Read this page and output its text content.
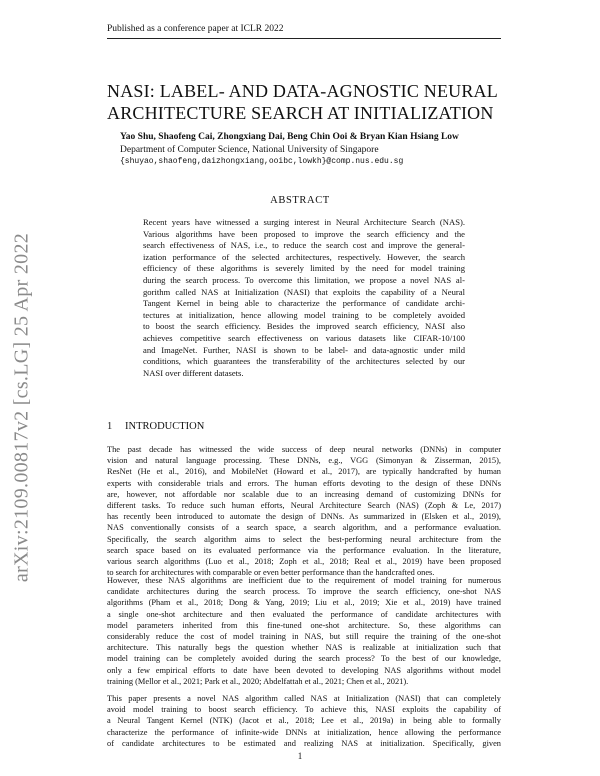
Published as a conference paper at ICLR 2022
arXiv:2109.00817v2 [cs.LG] 25 Apr 2022
NASI: LABEL- AND DATA-AGNOSTIC NEURAL
ARCHITECTURE SEARCH AT INITIALIZATION
Yao Shu, Shaofeng Cai, Zhongxiang Dai, Beng Chin Ooi & Bryan Kian Hsiang Low
Department of Computer Science, National University of Singapore
{shuyao,shaofeng,daizhongxiang,ooibc,lowkh}@comp.nus.edu.sg
ABSTRACT
Recent years have witnessed a surging interest in Neural Architecture Search (NAS).
Various algorithms have been proposed to improve the search efficiency and the
search effectiveness of NAS, i.e., to reduce the search cost and improve the general-
ization performance of the selected architectures, respectively. However, the search
efficiency of these algorithms is severely limited by the need for model training
during the search process. To overcome this limitation, we propose a novel NAS al-
gorithm called NAS at Initialization (NASI) that exploits the capability of a Neural
Tangent Kernel in being able to characterize the performance of candidate archi-
tectures at initialization, hence allowing model training to be completely avoided
to boost the search efficiency. Besides the improved search efficiency, NASI also
achieves competitive search effectiveness on various datasets like CIFAR-10/100
and ImageNet. Further, NASI is shown to be label- and data-agnostic under mild
conditions, which guarantees the transferability of the architectures selected by our
NASI over different datasets.
1 INTRODUCTION
The past decade has witnessed the wide success of deep neural networks (DNNs) in computer
vision and natural language processing. These DNNs, e.g., VGG (Simonyan & Zisserman, 2015),
ResNet (He et al., 2016), and MobileNet (Howard et al., 2017), are typically handcrafted by human
experts with considerable trials and errors. The human efforts devoting to the design of these DNNs
are, however, not affordable nor scalable due to an increasing demand of customizing DNNs for
different tasks. To reduce such human efforts, Neural Architecture Search (NAS) (Zoph & Le, 2017)
has recently been introduced to automate the design of DNNs. As summarized in (Elsken et al., 2019),
NAS conventionally consists of a search space, a search algorithm, and a performance evaluation.
Specifically, the search algorithm aims to select the best-performing neural architecture from the
search space based on its evaluated performance via the performance evaluation. In the literature,
various search algorithms (Luo et al., 2018; Zoph et al., 2018; Real et al., 2019) have been proposed
to search for architectures with comparable or even better performance than the handcrafted ones.
However, these NAS algorithms are inefficient due to the requirement of model training for numerous
candidate architectures during the search process. To improve the search efficiency, one-shot NAS
algorithms (Pham et al., 2018; Dong & Yang, 2019; Liu et al., 2019; Xie et al., 2019) have trained
a single one-shot architecture and then evaluated the performance of candidate architectures with
model parameters inherited from this fine-tuned one-shot architecture. So, these algorithms can
considerably reduce the cost of model training in NAS, but still require the training of the one-shot
architecture. This naturally begs the question whether NAS is realizable at initialization such that
model training can be completely avoided during the search process? To the best of our knowledge,
only a few empirical efforts to date have been devoted to developing NAS algorithms without model
training (Mellor et al., 2021; Park et al., 2020; Abdelfattah et al., 2021; Chen et al., 2021).
This paper presents a novel NAS algorithm called NAS at Initialization (NASI) that can completely
avoid model training to boost search efficiency. To achieve this, NASI exploits the capability of
a Neural Tangent Kernel (NTK) (Jacot et al., 2018; Lee et al., 2019a) in being able to formally
characterize the performance of infinite-wide DNNs at initialization, hence allowing the performance
of candidate architectures to be estimated and realizing NAS at initialization. Specifically, given
1
